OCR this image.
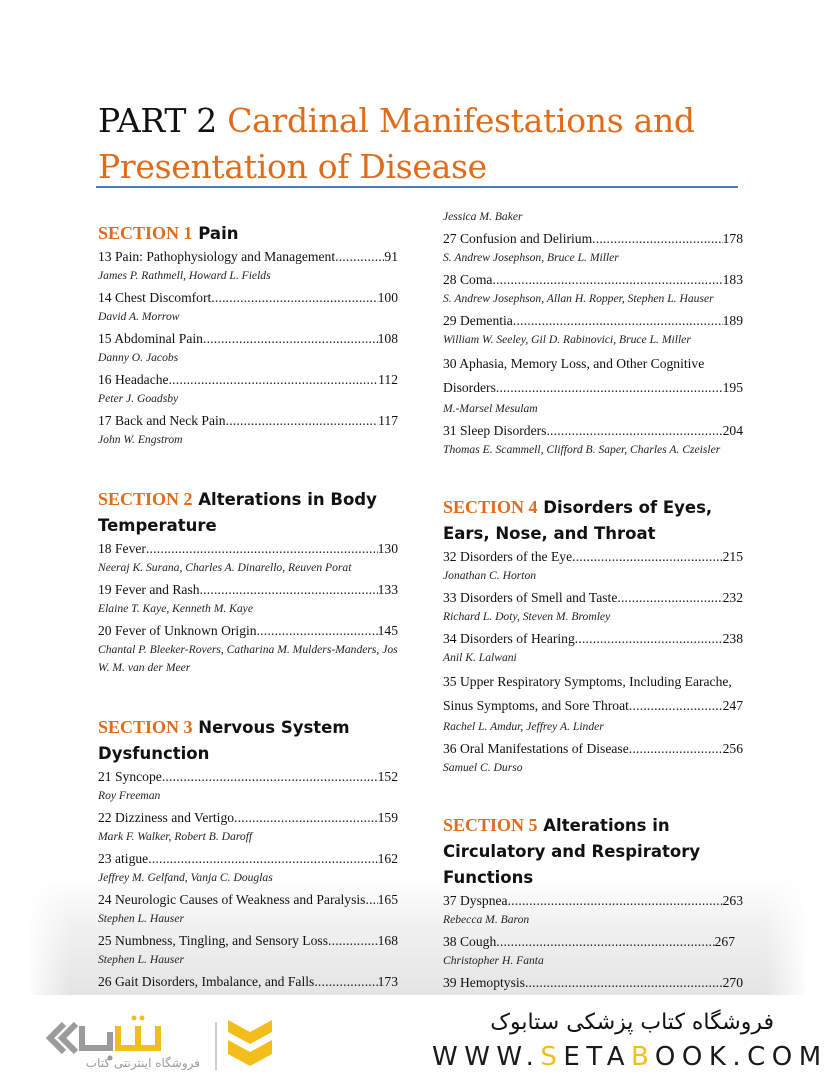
PART 2 Cardinal Manifestations and
Presentation of Disease
SECTION 1 Pain
13 Pain: Pathophysiology and Management .....	91
James P. Rathmell, Howard L. Fields
14 Chest Discomfort .....	100
David A. Morrow
15 Abdominal Pain .....	108
Danny O. Jacobs
16 Headache .....	112
Peter J. Goadsby
17 Back and Neck Pain .....	117
John W. Engstrom
SECTION 2 Alterations in Body
Temperature
18 Fever .....	130
Neeraj K. Surana, Charles A. Dinarello, Reuven Porat
19 Fever and Rash .....	133
Elaine T. Kaye, Kenneth M. Kaye
20 Fever of Unknown Origin .....	145
Chantal P. Bleeker-Rovers, Catharina M. Mulders-Manders, Jos W. M. van der Meer
SECTION 3 Nervous System
Dysfunction
21 Syncope .....	152
Roy Freeman
22 Dizziness and Vertigo .....	159
Mark F. Walker, Robert B. Daroff
23 atigue .....	162
Jeffrey M. Gelfand, Vanja C. Douglas
24 Neurologic Causes of Weakness and Paralysis ..... 165
Stephen L. Hauser
25 Numbness, Tingling, and Sensory Loss .....	168
Stephen L. Hauser
26 Gait Disorders, Imbalance, and Falls .....	173
Jessica M. Baker
27 Confusion and Delirium .....	178
S. Andrew Josephson, Bruce L. Miller
28 Coma .....	183
S. Andrew Josephson, Allan H. Ropper, Stephen L. Hauser
29 Dementia .....	189
William W. Seeley, Gil D. Rabinovici, Bruce L. Miller
30 Aphasia, Memory Loss, and Other Cognitive
Disorders .....	195
M.-Marsel Mesulam
31 Sleep Disorders .....	204
Thomas E. Scammell, Clifford B. Saper, Charles A. Czeisler
SECTION 4 Disorders of Eyes,
Ears, Nose, and Throat
32 Disorders of the Eye .....	215
Jonathan C. Horton
33 Disorders of Smell and Taste .....	232
Richard L. Doty, Steven M. Bromley
34 Disorders of Hearing .....	238
Anil K. Lalwani
35 Upper Respiratory Symptoms, Including Earache,
Sinus Symptoms, and Sore Throat .....	247
Rachel L. Amdur, Jeffrey A. Linder
36 Oral Manifestations of Disease .....	256
Samuel C. Durso
SECTION 5 Alterations in
Circulatory and Respiratory
Functions
37 Dyspnea .....	263
Rebecca M. Baron
38 Cough .....	267
Christopher H. Fanta
39 Hemoptysis .....	270
فروشگاه اینترنتی کتاب
فروشگاه کتاب پزشکی ستابوک
WWW.SETABOOK.COM
